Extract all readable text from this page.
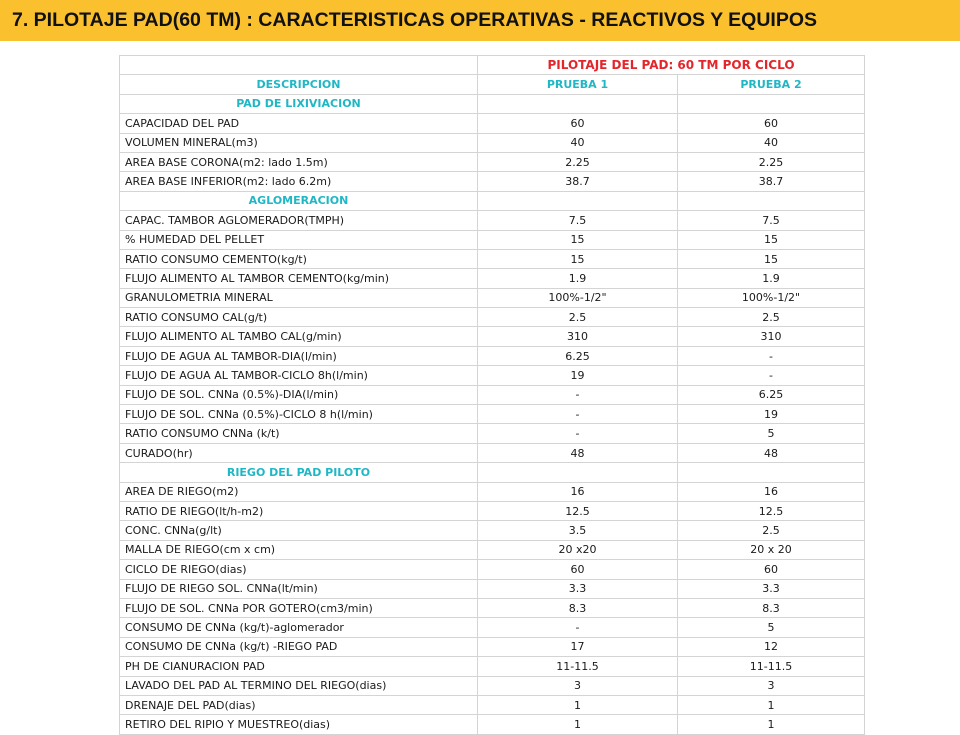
7. PILOTAJE PAD(60 TM) : CARACTERISTICAS OPERATIVAS - REACTIVOS Y EQUIPOS
	PILOTAJE DEL PAD: 60 TM POR CICLO	
DESCRIPCION	PRUEBA 1	PRUEBA 2
PAD DE LIXIVIACION		
CAPACIDAD DEL PAD	60	60
VOLUMEN MINERAL(m3)	40	40
AREA BASE CORONA(m2: lado 1.5m)	2.25	2.25
AREA BASE INFERIOR(m2: lado 6.2m)	38.7	38.7
AGLOMERACION		
CAPAC. TAMBOR AGLOMERADOR(TMPH)	7.5	7.5
% HUMEDAD DEL PELLET	15	15
RATIO CONSUMO CEMENTO(kg/t)	15	15
FLUJO ALIMENTO AL TAMBOR CEMENTO(kg/min)	1.9	1.9
GRANULOMETRIA MINERAL	100%-1/2"	100%-1/2"
RATIO CONSUMO CAL(g/t)	2.5	2.5
FLUJO ALIMENTO AL TAMBO CAL(g/min)	310	310
FLUJO DE AGUA AL TAMBOR-DIA(l/min)	6.25	-
FLUJO DE AGUA AL TAMBOR-CICLO 8h(l/min)	19	-
FLUJO DE SOL. CNNa (0.5%)-DIA(l/min)	-	6.25
FLUJO DE SOL. CNNa (0.5%)-CICLO 8 h(l/min)	-	19
RATIO CONSUMO CNNa (k/t)	-	5
CURADO(hr)	48	48
RIEGO DEL PAD PILOTO		
AREA DE RIEGO(m2)	16	16
RATIO DE RIEGO(lt/h-m2)	12.5	12.5
CONC. CNNa(g/lt)	3.5	2.5
MALLA DE RIEGO(cm x cm)	20 x20	20 x 20
CICLO DE RIEGO(dias)	60	60
FLUJO DE RIEGO SOL. CNNa(lt/min)	3.3	3.3
FLUJO DE SOL. CNNa POR GOTERO(cm3/min)	8.3	8.3
CONSUMO DE CNNa (kg/t)-aglomerador	-	5
CONSUMO DE CNNa (kg/t) -RIEGO PAD	17	12
PH DE CIANURACION PAD	11-11.5	11-11.5
LAVADO DEL PAD AL TERMINO DEL RIEGO(dias)	3	3
DRENAJE DEL PAD(dias)	1	1
RETIRO DEL RIPIO Y MUESTREO(dias)	1	1
